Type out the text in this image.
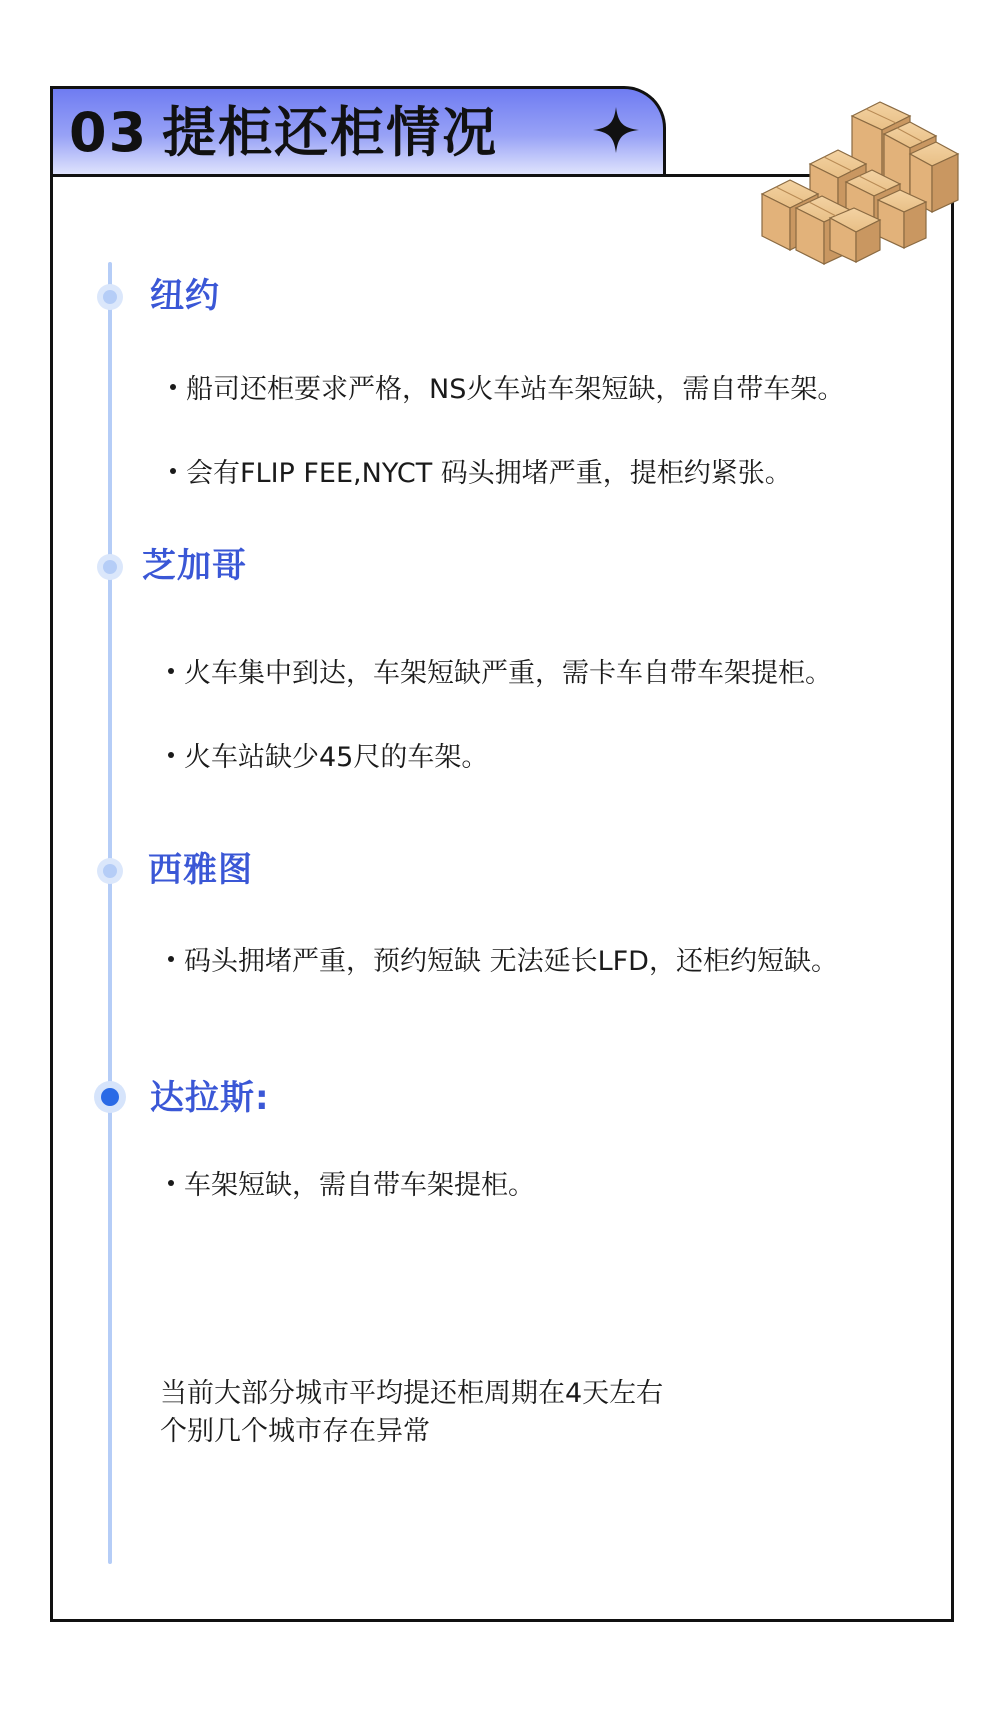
03 提柜还柜情况
纽约
船司还柜要求严格，NS火车站车架短缺，需自带车架。
会有FLIP FEE,NYCT 码头拥堵严重，提柜约紧张。
芝加哥
火车集中到达，车架短缺严重，需卡车自带车架提柜。
火车站缺少45尺的车架。
西雅图
码头拥堵严重，预约短缺 无法延长LFD，还柜约短缺。
达拉斯:
车架短缺，需自带车架提柜。
当前大部分城市平均提还柜周期在4天左右
个别几个城市存在异常
